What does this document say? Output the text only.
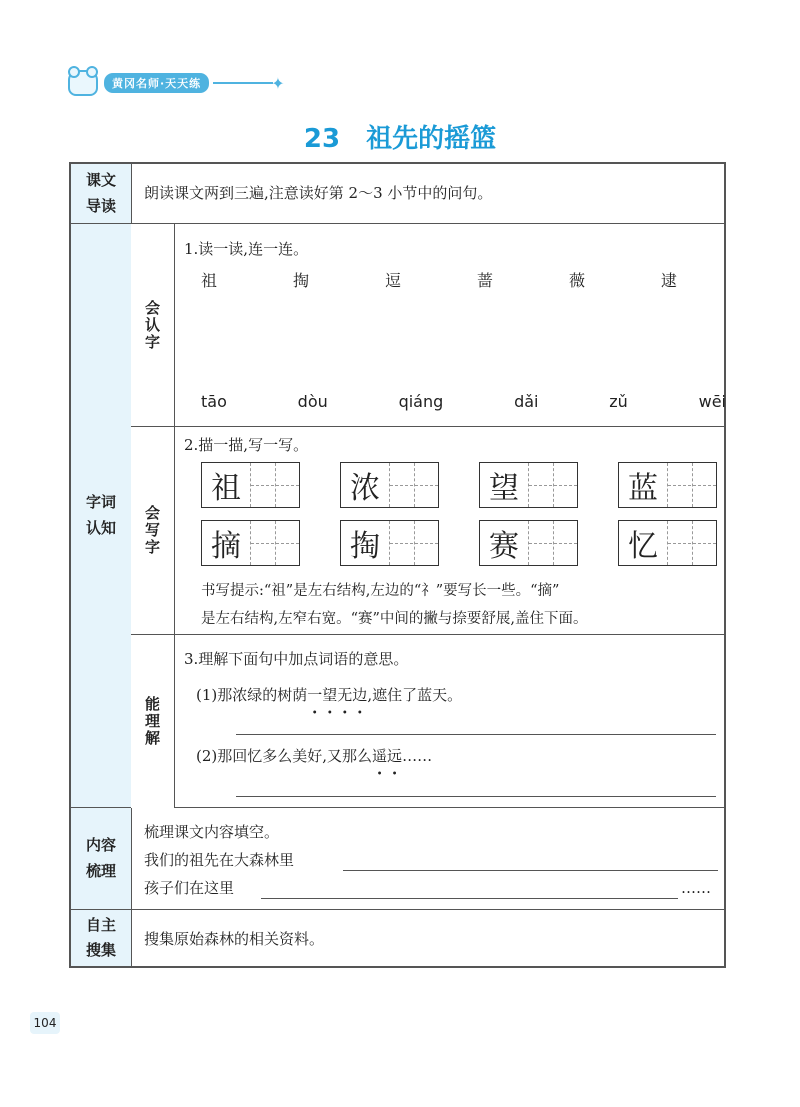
黄冈名师·天天练	✦
23 祖先的摇篮
课文导读
朗读课文两到三遍,注意读好第 2～3 小节中的问句。
字词认知
会认字
1.读一读,连一连。
祖	掏	逗	蔷	薇	逮
tāo	dòu	qiáng	dǎi	zǔ	wēi
会写字
2.描一描,写一写。
祖	浓	望	蓝
摘	掏	赛	忆
书写提示:“祖”是左右结构,左边的“礻”要写长一些。“摘”
是左右结构,左窄右宽。“赛”中间的撇与捺要舒展,盖住下面。
能理解
3.理解下面句中加点词语的意思。
(1)那浓绿的树荫一望无边,遮住了蓝天。
(2)那回忆多么美好,又那么遥远……
内容梳理
梳理课文内容填空。
我们的祖先在大森林里
孩子们在这里	……
自主搜集
搜集原始森林的相关资料。
104
